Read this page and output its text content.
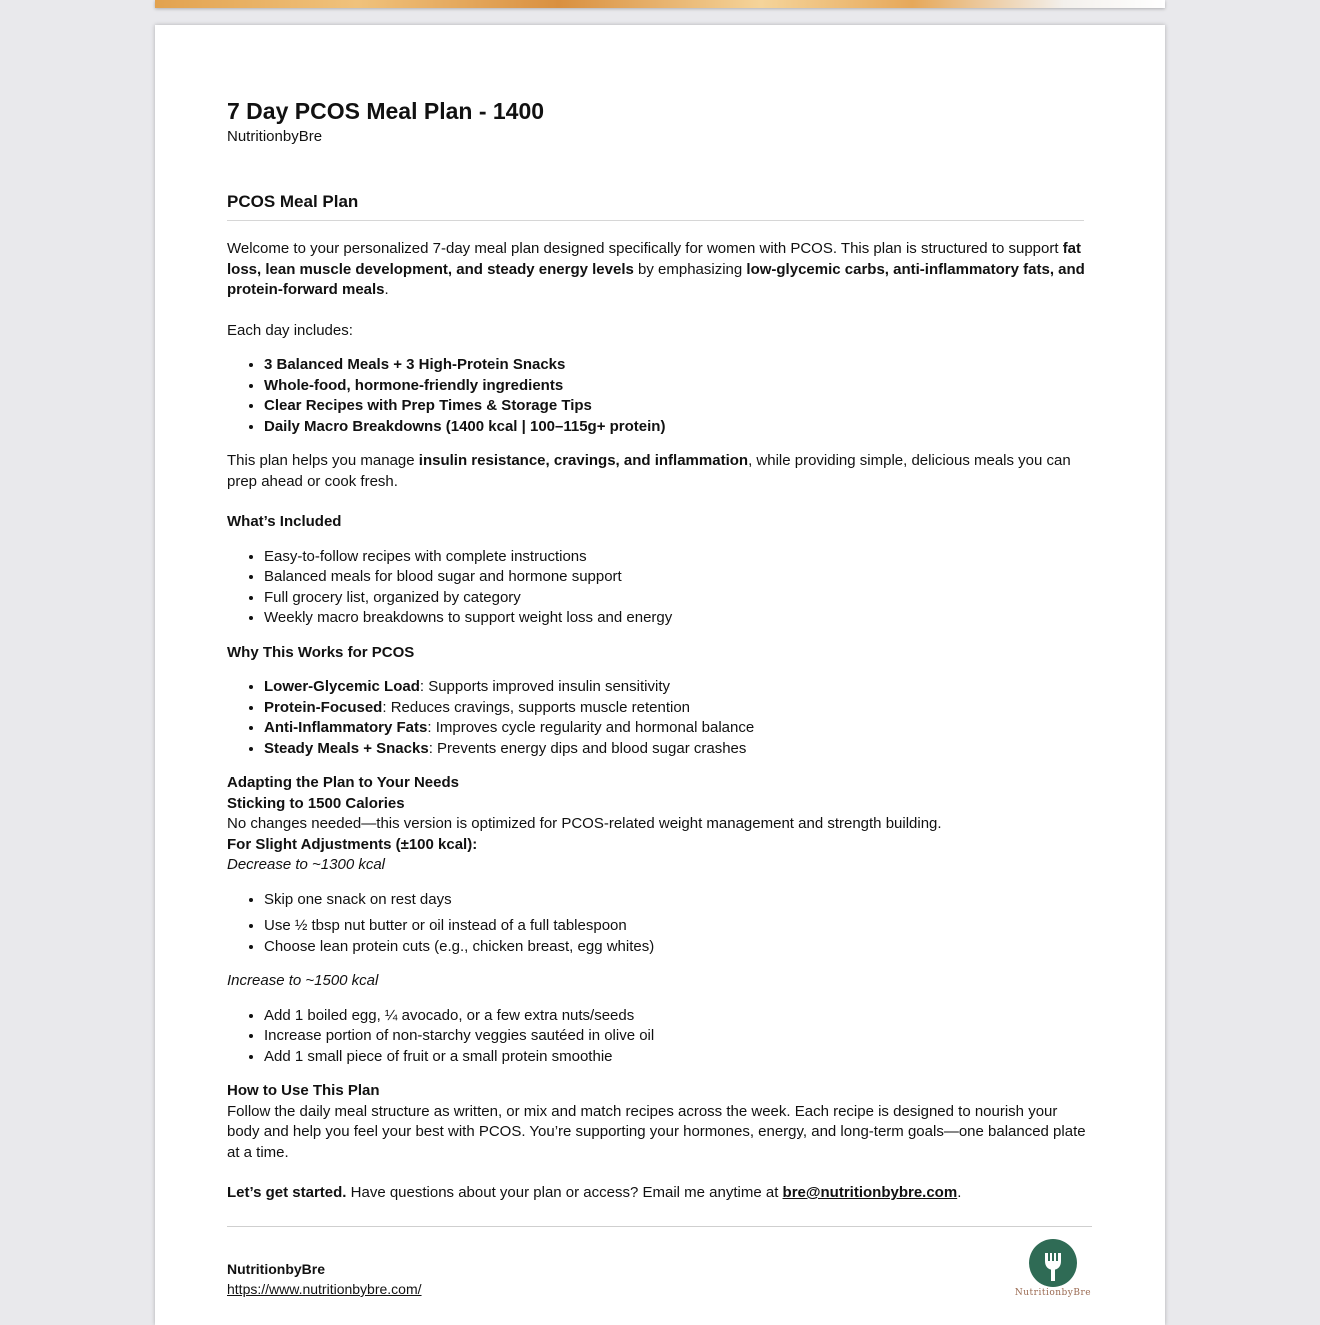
7 Day PCOS Meal Plan - 1400

NutritionbyBre

PCOS Meal Plan

Welcome to your personalized 7-day meal plan designed specifically for women with PCOS. This plan is structured to support fat loss, lean muscle development, and steady energy levels by emphasizing low-glycemic carbs, anti-inflammatory fats, and protein-forward meals.

Each day includes:

• 3 Balanced Meals + 3 High-Protein Snacks
• Whole-food, hormone-friendly ingredients
• Clear Recipes with Prep Times & Storage Tips
• Daily Macro Breakdowns (1400 kcal | 100–115g+ protein)

This plan helps you manage insulin resistance, cravings, and inflammation, while providing simple, delicious meals you can prep ahead or cook fresh.

What’s Included
• Easy-to-follow recipes with complete instructions
• Balanced meals for blood sugar and hormone support
• Full grocery list, organized by category
• Weekly macro breakdowns to support weight loss and energy
Why This Works for PCOS
• Lower-Glycemic Load: Supports improved insulin sensitivity
• Protein-Focused: Reduces cravings, supports muscle retention
• Anti-Inflammatory Fats: Improves cycle regularity and hormonal balance
• Steady Meals + Snacks: Prevents energy dips and blood sugar crashes
Adapting the Plan to Your Needs
Sticking to 1500 Calories

No changes needed—this version is optimized for PCOS-related weight management and strength building.

For Slight Adjustments (±100 kcal):

Decrease to ~1300 kcal

• Skip one snack on rest days
• Use ½ tbsp nut butter or oil instead of a full tablespoon
• Choose lean protein cuts (e.g., chicken breast, egg whites)

Increase to ~1500 kcal

• Add 1 boiled egg, ¼ avocado, or a few extra nuts/seeds
• Increase portion of non-starchy veggies sautéed in olive oil
• Add 1 small piece of fruit or a small protein smoothie
How to Use This Plan

Follow the daily meal structure as written, or mix and match recipes across the week. Each recipe is designed to nourish your body and help you feel your best with PCOS. You’re supporting your hormones, energy, and long-term goals—one balanced plate at a time.

Let’s get started. Have questions about your plan or access? Email me anytime at bre@nutritionbybre.com.

NutritionbyBre
https://www.nutritionbybre.com/	NutritionbyBre
